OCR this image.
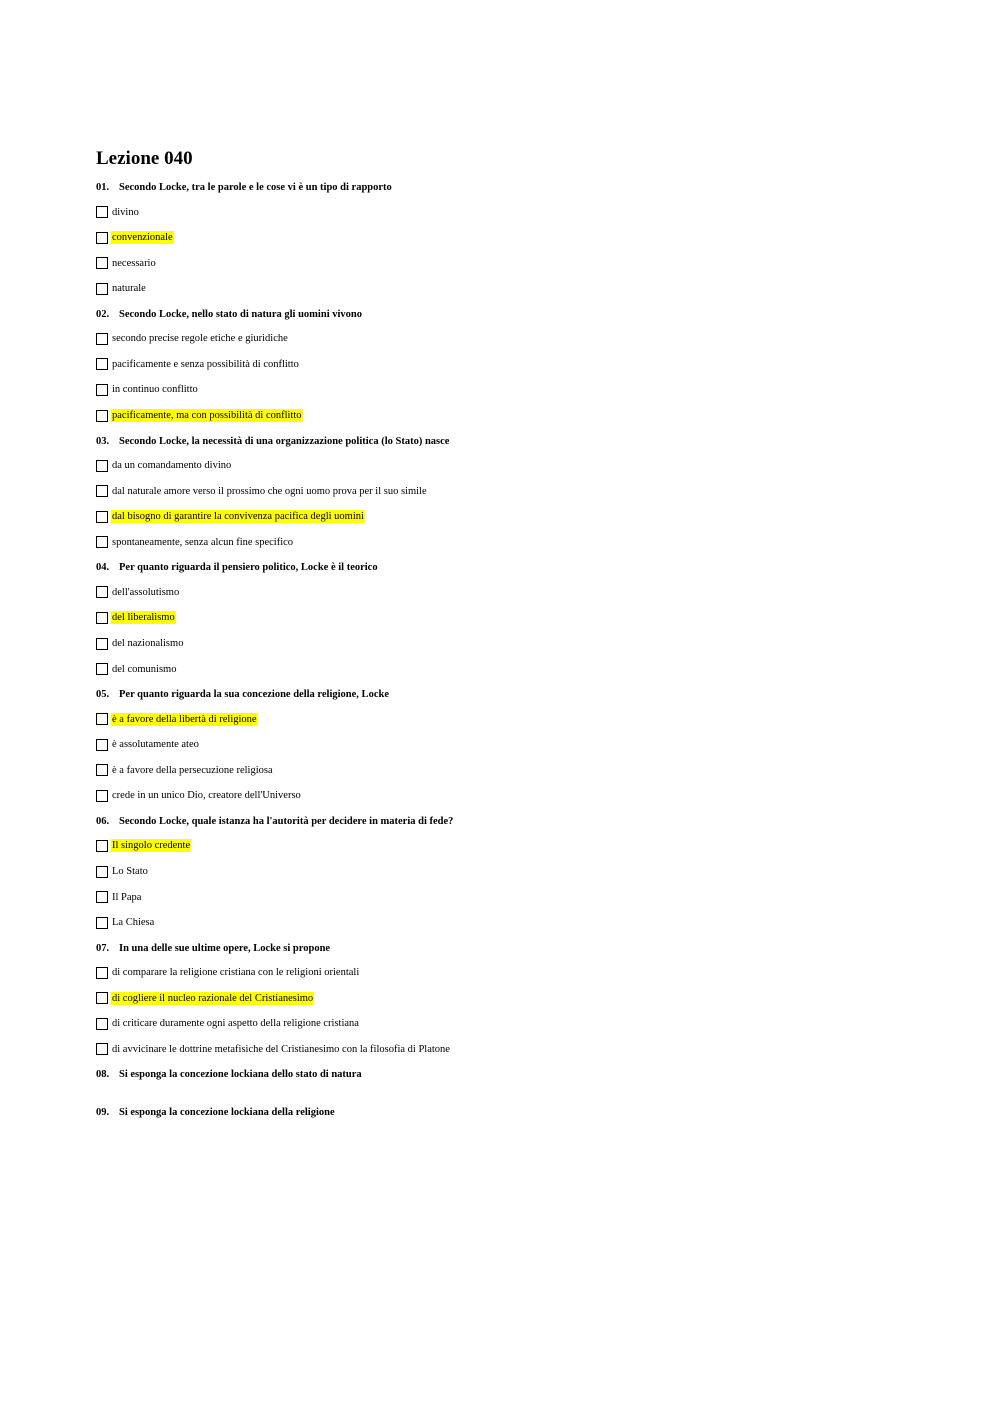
Lezione 040
01. Secondo Locke, tra le parole e le cose vi è un tipo di rapporto
divino
convenzionale
necessario
naturale
02. Secondo Locke, nello stato di natura gli uomini vivono
secondo precise regole etiche e giuridiche
pacificamente e senza possibilità di conflitto
in continuo conflitto
pacificamente, ma con possibilità di conflitto
03. Secondo Locke, la necessità di una organizzazione politica (lo Stato) nasce
da un comandamento divino
dal naturale amore verso il prossimo che ogni uomo prova per il suo simile
dal bisogno di garantire la convivenza pacifica degli uomini
spontaneamente, senza alcun fine specifico
04. Per quanto riguarda il pensiero politico, Locke è il teorico
dell'assolutismo
del liberalismo
del nazionalismo
del comunismo
05. Per quanto riguarda la sua concezione della religione, Locke
è a favore della libertà di religione
è assolutamente ateo
è a favore della persecuzione religiosa
crede in un unico Dio, creatore dell'Universo
06. Secondo Locke, quale istanza ha l'autorità per decidere in materia di fede?
Il singolo credente
Lo Stato
Il Papa
La Chiesa
07. In una delle sue ultime opere, Locke si propone
di comparare la religione cristiana con le religioni orientali
di cogliere il nucleo razionale del Cristianesimo
di criticare duramente ogni aspetto della religione cristiana
di avvicinare le dottrine metafisiche del Cristianesimo con la filosofia di Platone
08. Si esponga la concezione lockiana dello stato di natura
09. Si esponga la concezione lockiana della religione
